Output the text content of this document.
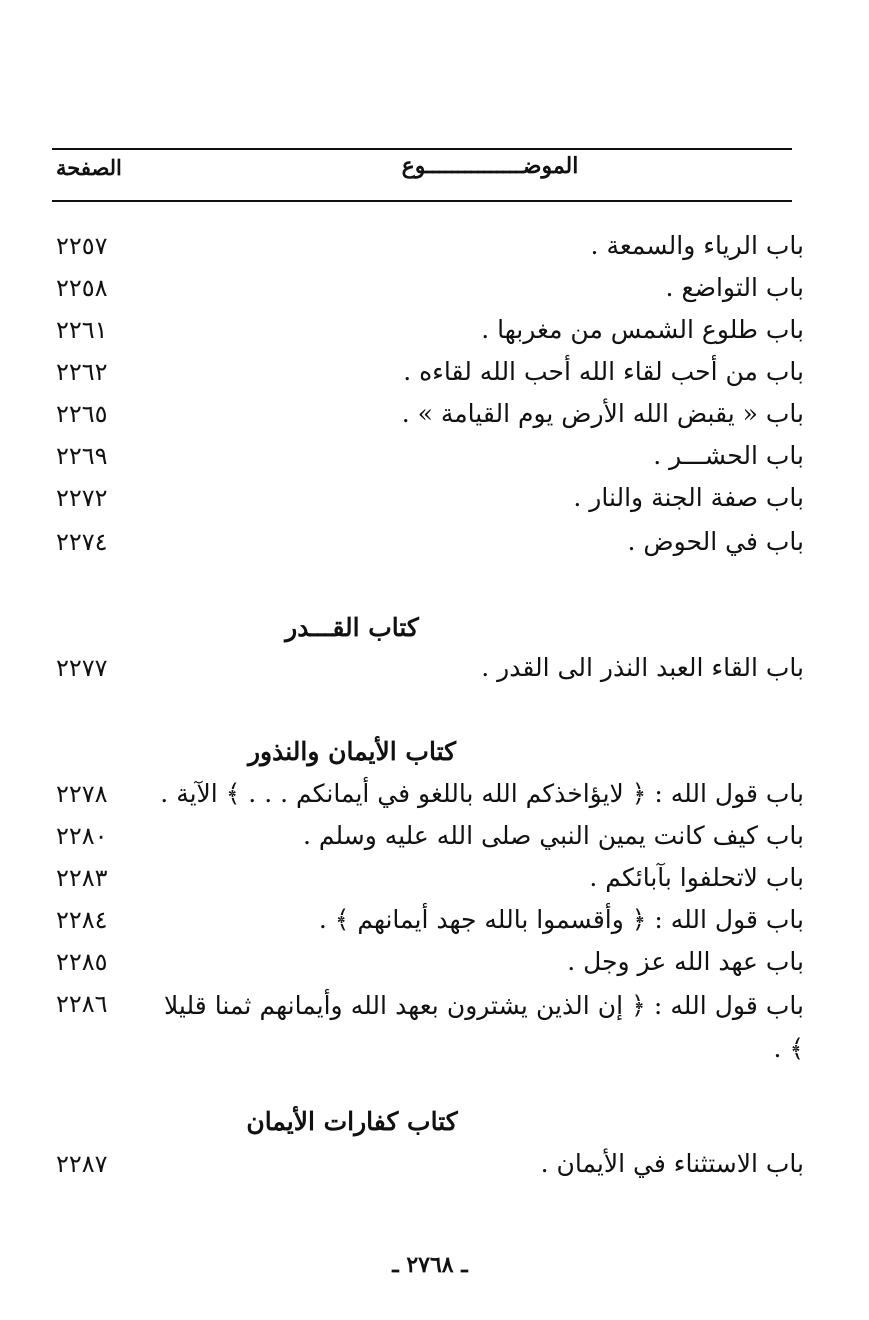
الموضـــــــــــــــوع
الصفحة
باب الرياء والسمعة .
٢٢٥٧
باب التواضع .
٢٢٥٨
باب طلوع الشمس من مغربها .
٢٢٦١
باب من أحب لقاء الله أحب الله لقاءه .
٢٢٦٢
باب « يقبض الله الأرض يوم القيامة » .
٢٢٦٥
باب الحشـــر .
٢٢٦٩
باب صفة الجنة والنار .
٢٢٧٢
باب في الحوض .
٢٢٧٤
كتاب القـــدر
باب القاء العبد النذر الى القدر .
٢٢٧٧
كتاب الأيمان والنذور
باب قول الله : ﴿ لايؤاخذكم الله باللغو في أيمانكم . . . ﴾ الآية .
٢٢٧٨
باب كيف كانت يمين النبي صلى الله عليه وسلم .
٢٢٨٠
باب لاتحلفوا بآبائكم .
٢٢٨٣
باب قول الله : ﴿ وأقسموا بالله جهد أيمانهم ﴾ .
٢٢٨٤
باب عهد الله عز وجل .
٢٢٨٥
باب قول الله : ﴿ إن الذين يشترون بعهد الله وأيمانهم ثمنا قليلا ﴾ .
٢٢٨٦
كتاب كفارات الأيمان
باب الاستثناء في الأيمان .
٢٢٨٧
ـ ٢٧٦٨ ـ
